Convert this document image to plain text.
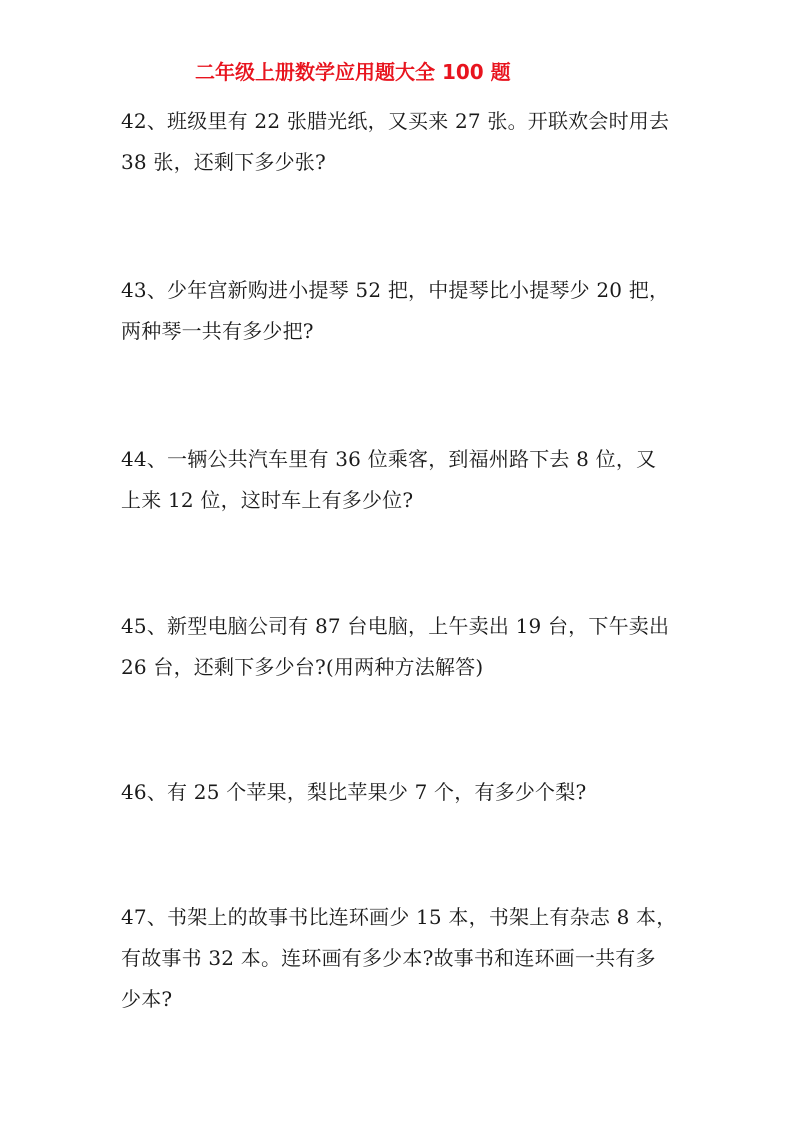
二年级上册数学应用题大全 100 题

42、班级里有 22 张腊光纸，又买来 27 张。开联欢会时用去
38 张，还剩下多少张?

43、少年宫新购进小提琴 52 把，中提琴比小提琴少 20 把，
两种琴一共有多少把?

44、一辆公共汽车里有 36 位乘客，到福州路下去 8 位，又
上来 12 位，这时车上有多少位?

45、新型电脑公司有 87 台电脑，上午卖出 19 台，下午卖出
26 台，还剩下多少台?(用两种方法解答)

46、有 25 个苹果，梨比苹果少 7 个，有多少个梨?

47、书架上的故事书比连环画少 15 本，书架上有杂志 8 本，
有故事书 32 本。连环画有多少本?故事书和连环画一共有多
少本?
